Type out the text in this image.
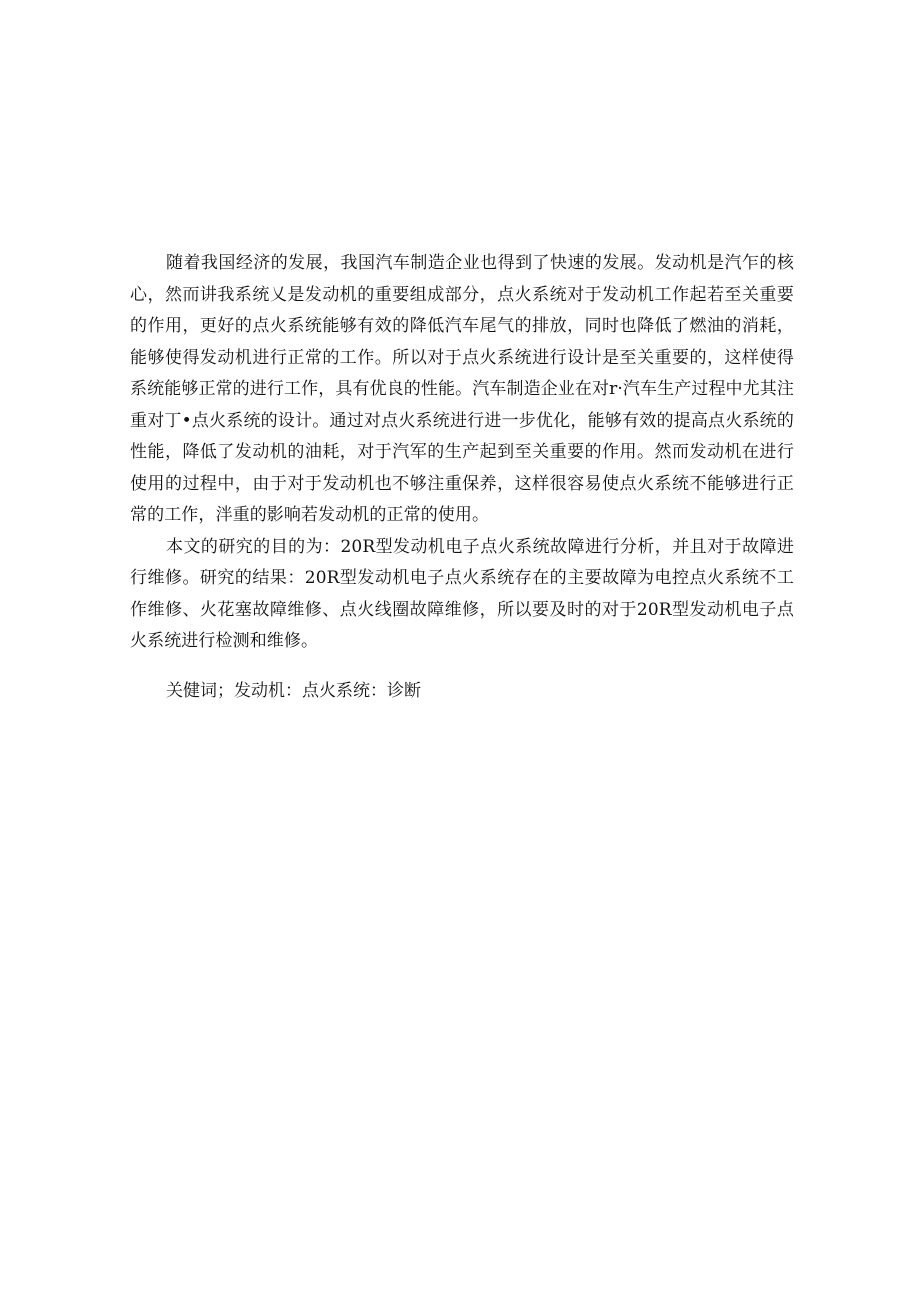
随着我国经济的发展，我国汽车制造企业也得到了快速的发展。发动机是汽乍的核心，然而讲我系统乂是发动机的重要组成部分，点火系统对于发动机工作起若至关重要的作用，更好的点火系统能够有效的降低汽车尾气的排放，同时也降低了燃油的消耗，能够使得发动机进行正常的工作。所以对于点火系统进行设计是至关重要的，这样使得系统能够正常的进行工作，具有优良的性能。汽车制造企业在对r·汽车生产过程中尤其注重对丁•点火系统的设计。通过对点火系统进行进一步优化，能够有效的提高点火系统的性能，降低了发动机的油耗，对于汽军的生产起到至关重要的作用。然而发动机在进行使用的过程中，由于对于发动机也不够注重保养，这样很容易使点火系统不能够进行正常的工作，泮重的影响若发动机的正常的使用。

本文的研究的目的为：20R型发动机电子点火系统故障进行分析，并且对于故障进行维修。研究的结果：20R型发动机电子点火系统存在的主要故障为电控点火系统不工作维修、火花塞故障维修、点火线圈故障维修，所以要及时的对于20R型发动机电子点火系统进行检测和维修。

关健词；发动机：点火系统：诊断
